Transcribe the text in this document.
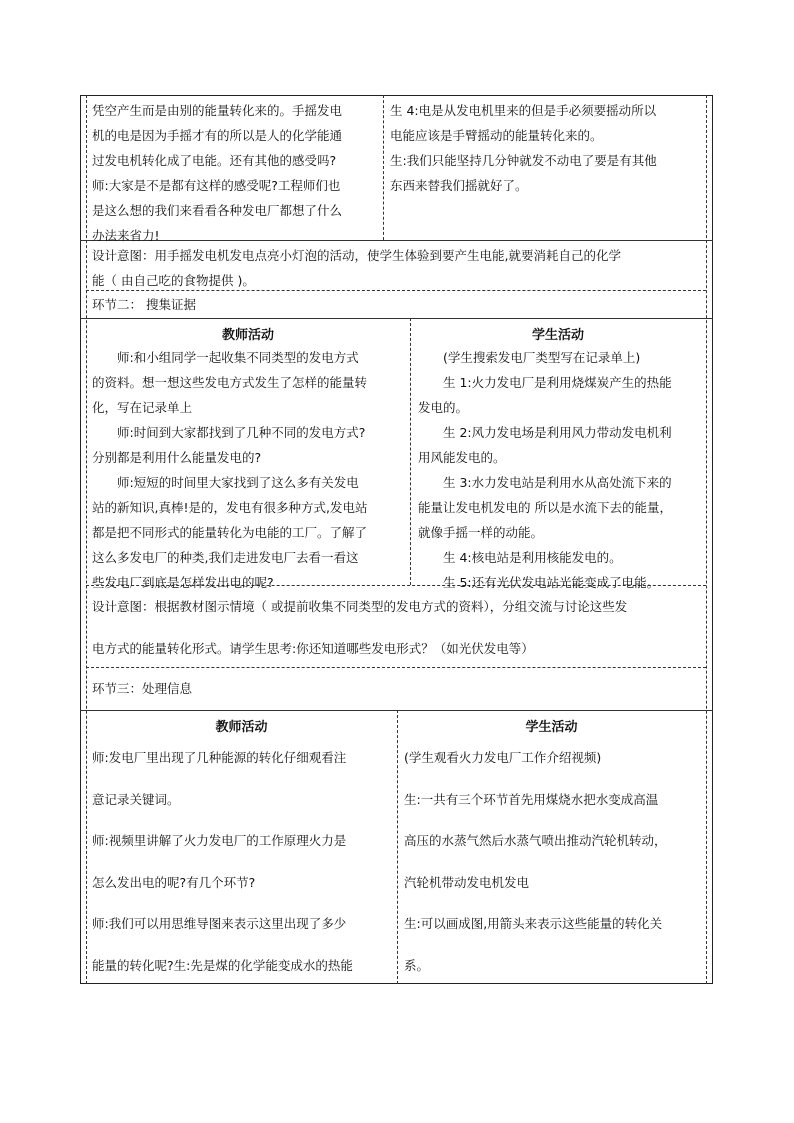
凭空产生而是由别的能量转化来的。手摇发电

机的电是因为手摇才有的所以是人的化学能通

过发电机转化成了电能。还有其他的感受吗?

师:大家是不是都有这样的感受呢?工程师们也

是这么想的我们来看看各种发电厂都想了什么

办法来省力!

生 4:电是从发电机里来的但是手必须要摇动所以

电能应该是手臂摇动的能量转化来的。

生:我们只能坚持几分钟就发不动电了要是有其他

东西来替我们摇就好了。

设计意图：用手摇发电机发电点亮小灯泡的活动，使学生体验到要产生电能,就要消耗自己的化学

能（ 由自己吃的食物提供 )。

环节二： 搜集证据

教师活动	学生活动

师:和小组同学一起收集不同类型的发电方式

的资料。想一想这些发电方式发生了怎样的能量转

化，写在记录单上

师:时间到大家都找到了几种不同的发电方式?

分别都是利用什么能量发电的?

师:短短的时间里大家找到了这么多有关发电

站的新知识,真棒!是的，发电有很多种方式,发电站

都是把不同形式的能量转化为电能的工厂。了解了

这么多发电厂的种类,我们走进发电厂去看一看这

些发电厂到底是怎样发出电的呢?

(学生搜索发电厂类型写在记录单上)

生 1:火力发电厂是利用烧煤炭产生的热能

发电的。

生 2:风力发电场是利用风力带动发电机利

用风能发电的。

生 3:水力发电站是利用水从高处流下来的

能量让发电机发电的 所以是水流下去的能量，

就像手摇一样的动能。

生 4:核电站是利用核能发电的。

生 5:还有光伏发电站光能变成了电能。

设计意图：根据教材图示情境（ 或提前收集不同类型的发电方式的资料），分组交流与讨论这些发

电方式的能量转化形式。请学生思考:你还知道哪些发电形式？（如光伏发电等）

环节三：处理信息

教师活动	学生活动

师:发电厂里出现了几种能源的转化仔细观看注

意记录关键词。

师:视频里讲解了火力发电厂的工作原理火力是

怎么发出电的呢?有几个环节?

师:我们可以用思维导图来表示这里出现了多少

能量的转化呢?生:先是煤的化学能变成水的热能

(学生观看火力发电厂工作介绍视频)

生:一共有三个环节首先用煤烧水把水变成高温

高压的水蒸气然后水蒸气喷出推动汽轮机转动，

汽轮机带动发电机发电

生:可以画成图,用箭头来表示这些能量的转化关

系。
